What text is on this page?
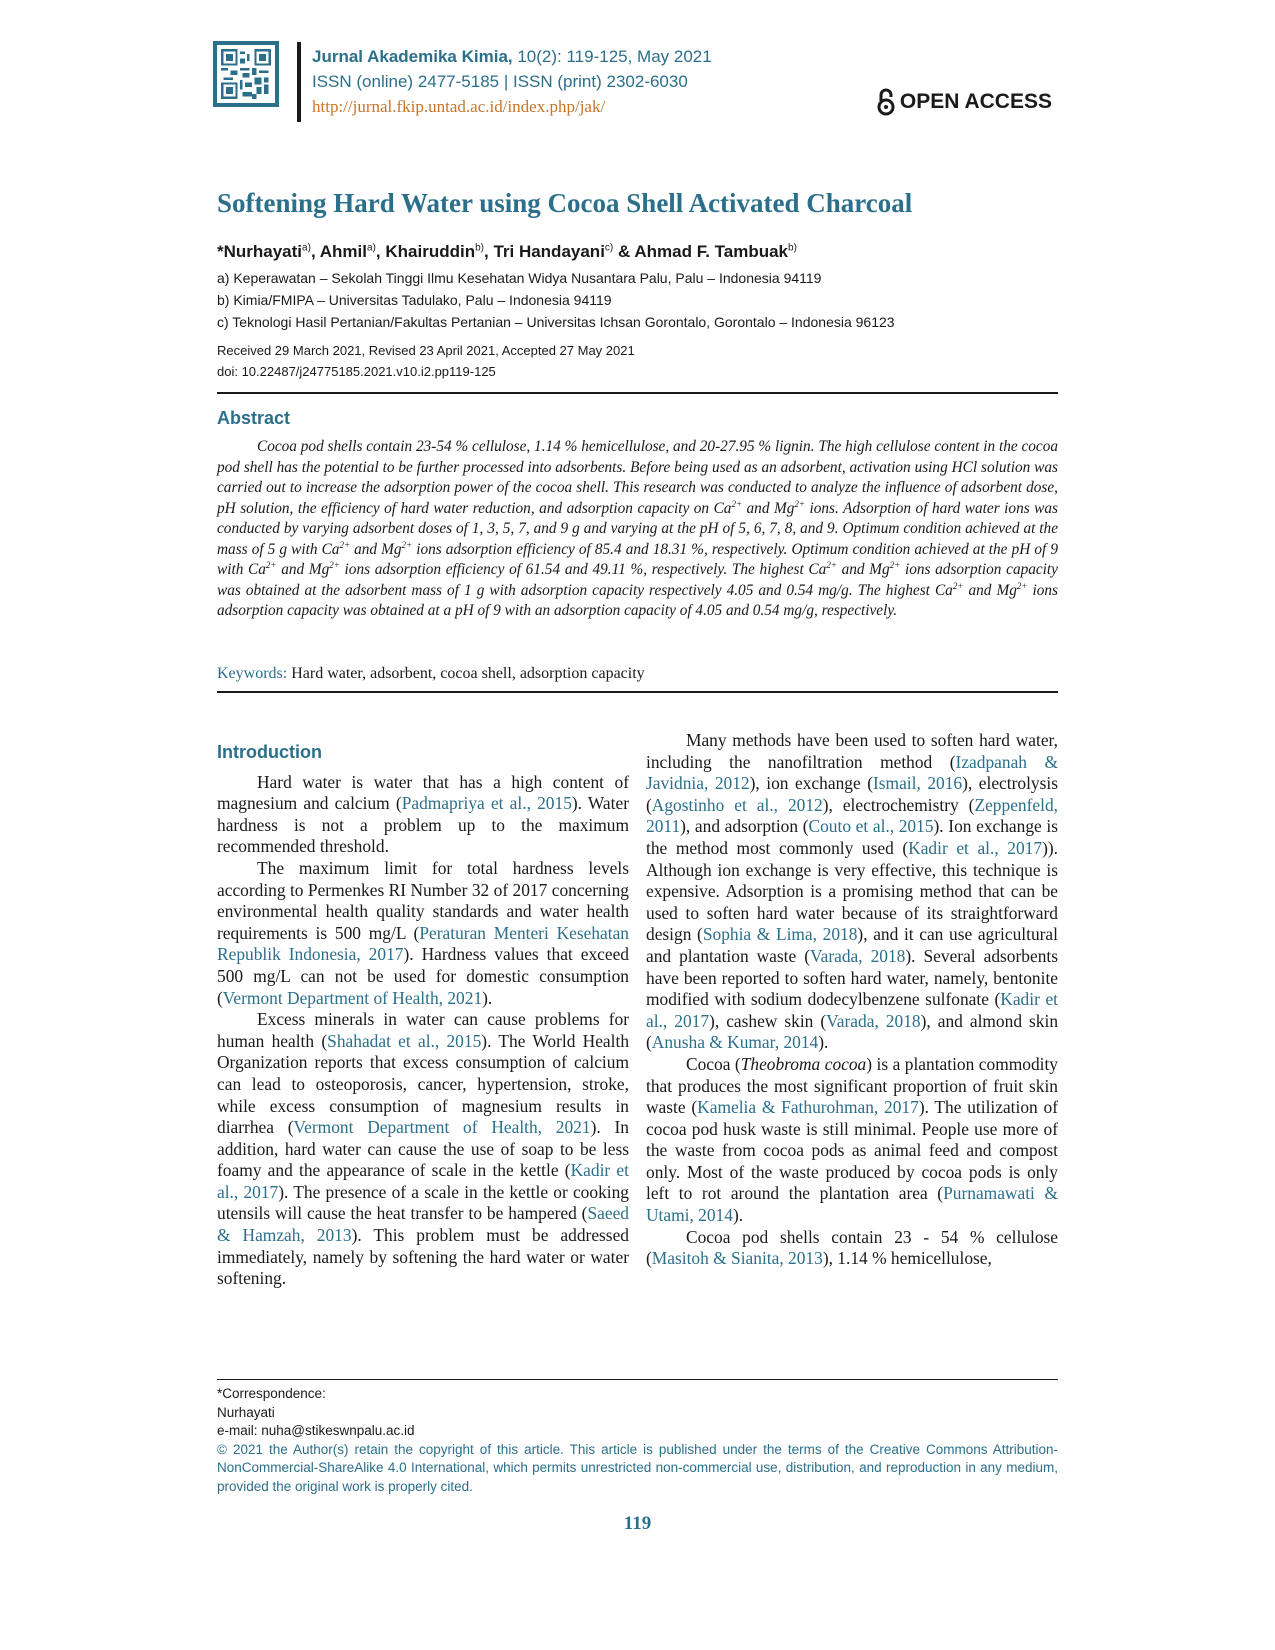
Jurnal Akademika Kimia, 10(2): 119-125, May 2021
ISSN (online) 2477-5185 | ISSN (print) 2302-6030
http://jurnal.fkip.untad.ac.id/index.php/jak/	OPEN ACCESS
Softening Hard Water using Cocoa Shell Activated Charcoal
*Nurhayati$^{a)}$, Ahmil$^{a)}$, Khairuddin$^{b)}$, Tri Handayani$^{c)}$ & Ahmad F. Tambuak$^{b)}$
a) Keperawatan – Sekolah Tinggi Ilmu Kesehatan Widya Nusantara Palu, Palu – Indonesia 94119
b) Kimia/FMIPA – Universitas Tadulako, Palu – Indonesia 94119
c) Teknologi Hasil Pertanian/Fakultas Pertanian – Universitas Ichsan Gorontalo, Gorontalo – Indonesia 96123
Received 29 March 2021, Revised 23 April 2021, Accepted 27 May 2021
doi: 10.22487/j24775185.2021.v10.i2.pp119-125
Abstract
Cocoa pod shells contain 23-54 % cellulose, 1.14 % hemicellulose, and 20-27.95 % lignin. The high cellulose content in the cocoa pod shell has the potential to be further processed into adsorbents. Before being used as an adsorbent, activation using HCl solution was carried out to increase the adsorption power of the cocoa shell. This research was conducted to analyze the influence of adsorbent dose, pH solution, the efficiency of hard water reduction, and adsorption capacity on $Ca^{2+}$ and $Mg^{2+}$ ions. Adsorption of hard water ions was conducted by varying adsorbent doses of 1, 3, 5, 7, and 9 g and varying at the pH of 5, 6, 7, 8, and 9. Optimum condition achieved at the mass of 5 g with $Ca^{2+}$ and $Mg^{2+}$ ions adsorption efficiency of 85.4 and 18.31 %, respectively. Optimum condition achieved at the pH of 9 with $Ca^{2+}$ and $Mg^{2+}$ ions adsorption efficiency of 61.54 and 49.11 %, respectively. The highest $Ca^{2+}$ and $Mg^{2+}$ ions adsorption capacity was obtained at the adsorbent mass of 1 g with adsorption capacity respectively 4.05 and 0.54 mg/g. The highest $Ca^{2+}$ and $Mg^{2+}$ ions adsorption capacity was obtained at a pH of 9 with an adsorption capacity of 4.05 and 0.54 mg/g, respectively.
Keywords: Hard water, adsorbent, cocoa shell, adsorption capacity
Introduction

Hard water is water that has a high content of magnesium and calcium (Padmapriya et al., 2015). Water hardness is not a problem up to the maximum recommended threshold.

The maximum limit for total hardness levels according to Permenkes RI Number 32 of 2017 concerning environmental health quality standards and water health requirements is 500 mg/L (Peraturan Menteri Kesehatan Republik Indonesia, 2017). Hardness values that exceed 500 mg/L can not be used for domestic consumption (Vermont Department of Health, 2021).

Excess minerals in water can cause problems for human health (Shahadat et al., 2015). The World Health Organization reports that excess consumption of calcium can lead to osteoporosis, cancer, hypertension, stroke, while excess consumption of magnesium results in diarrhea (Vermont Department of Health, 2021). In addition, hard water can cause the use of soap to be less foamy and the appearance of scale in the kettle (Kadir et al., 2017). The presence of a scale in the kettle or cooking utensils will cause the heat transfer to be hampered (Saeed & Hamzah, 2013). This problem must be addressed immediately, namely by softening the hard water or water softening.

Many methods have been used to soften hard water, including the nanofiltration method (Izadpanah & Javidnia, 2012), ion exchange (Ismail, 2016), electrolysis (Agostinho et al., 2012), electrochemistry (Zeppenfeld, 2011), and adsorption (Couto et al., 2015). Ion exchange is the method most commonly used (Kadir et al., 2017)). Although ion exchange is very effective, this technique is expensive. Adsorption is a promising method that can be used to soften hard water because of its straightforward design (Sophia & Lima, 2018), and it can use agricultural and plantation waste (Varada, 2018). Several adsorbents have been reported to soften hard water, namely, bentonite modified with sodium dodecylbenzene sulfonate (Kadir et al., 2017), cashew skin (Varada, 2018), and almond skin (Anusha & Kumar, 2014).

Cocoa (Theobroma cocoa) is a plantation commodity that produces the most significant proportion of fruit skin waste (Kamelia & Fathurohman, 2017). The utilization of cocoa pod husk waste is still minimal. People use more of the waste from cocoa pods as animal feed and compost only. Most of the waste produced by cocoa pods is only left to rot around the plantation area (Purnamawati & Utami, 2014).

Cocoa pod shells contain 23 - 54 % cellulose (Masitoh & Sianita, 2013), 1.14 % hemicellulose,

*Correspondence:
Nurhayati
e-mail: nuha@stikeswnpalu.ac.id
© 2021 the Author(s) retain the copyright of this article. This article is published under the terms of the Creative Commons Attribution-NonCommercial-ShareAlike 4.0 International, which permits unrestricted non-commercial use, distribution, and reproduction in any medium, provided the original work is properly cited.
119
